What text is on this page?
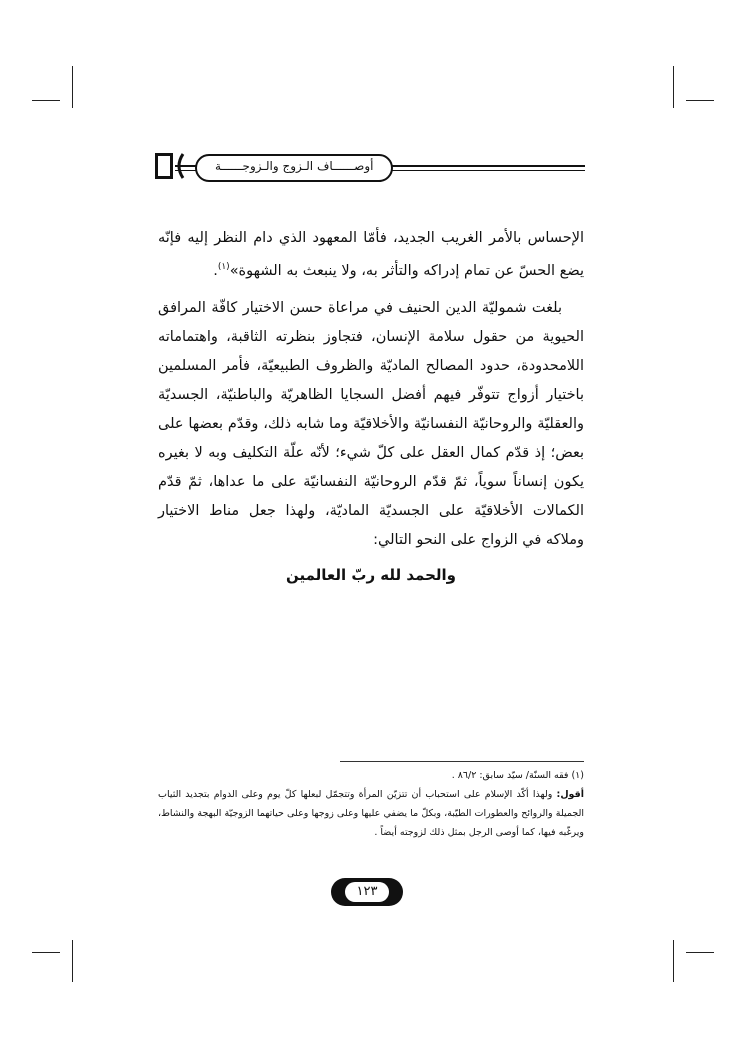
أوصــــــاف الـزوج والـزوجــــــة

الإحساس بالأمر الغريب الجديد، فأمّا المعهود الذي دام النظر إليه فإنّه يضع الحسّ عن تمام إدراكه والتأثر به، ولا ينبعث به الشهوة»$^{(١)}$.

بلغت شموليّة الدين الحنيف في مراعاة حسن الاختيار كافّة المرافق الحيوية من حقول سلامة الإنسان، فتجاوز بنظرته الثاقبة، واهتماماته اللامحدودة، حدود المصالح الماديّة والظروف الطبيعيّة، فأمر المسلمين باختيار أزواج تتوفّر فيهم أفضل السجايا الظاهريّة والباطنيّة، الجسديّة والعقليّة والروحانيّة النفسانيّة والأخلاقيّة وما شابه ذلك، وقدّم بعضها على بعض؛ إذ قدّم كمال العقل على كلّ شيء؛ لأنّه علّة التكليف وبه لا بغيره يكون إنساناً سوياً، ثمّ قدّم الروحانيّة النفسانيّة على ما عداها، ثمّ قدّم الكمالات الأخلاقيّة على الجسديّة الماديّة، ولهذا جعل مناط الاختيار وملاكه في الزواج على النحو التالي:

والحمد لله ربّ العالمين

(١) فقه السنّة/ سيّد سابق: ٨٦/٢ .

أقول: ولهذا أكّد الإسلام على استحباب أن تتزيّن المرأة وتتجمّل لبعلها كلّ يوم وعلى الدوام بتجديد الثياب الجميلة والروائح والعطورات الطيّبة، وبكلّ ما يضفي عليها وعلى زوجها وعلى حياتهما الزوجيّة البهجة والنشاط، ويرغّبه فيها، كما أوصى الرجل بمثل ذلك لزوجته أيضاً .

١٢٣
